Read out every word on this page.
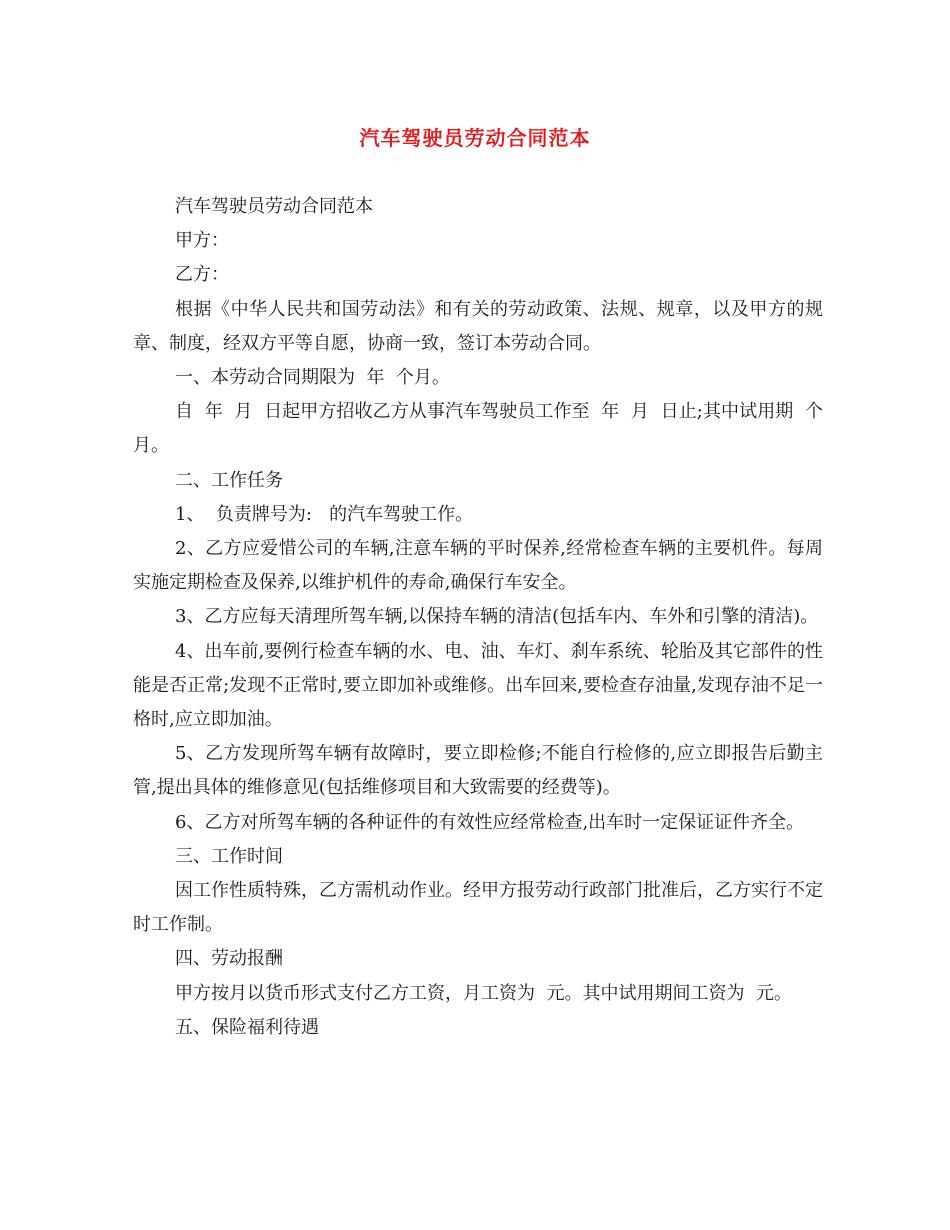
汽车驾驶员劳动合同范本

汽车驾驶员劳动合同范本

甲方：

乙方：

根据《中华人民共和国劳动法》和有关的劳动政策、法规、规章，以及甲方的规章、制度，经双方平等自愿，协商一致，签订本劳动合同。

一、本劳动合同期限为  年  个月。

自  年  月  日起甲方招收乙方从事汽车驾驶员工作至  年  月  日止;其中试用期  个月。

二、工作任务

1、  负责牌号为:   的汽车驾驶工作。

2、乙方应爱惜公司的车辆,注意车辆的平时保养,经常检查车辆的主要机件。每周实施定期检查及保养,以维护机件的寿命,确保行车安全。

3、乙方应每天清理所驾车辆,以保持车辆的清洁(包括车内、车外和引擎的清洁)。

4、出车前,要例行检查车辆的水、电、油、车灯、刹车系统、轮胎及其它部件的性能是否正常;发现不正常时,要立即加补或维修。出车回来,要检查存油量,发现存油不足一格时,应立即加油。

5、乙方发现所驾车辆有故障时，要立即检修;不能自行检修的,应立即报告后勤主管,提出具体的维修意见(包括维修项目和大致需要的经费等)。

6、乙方对所驾车辆的各种证件的有效性应经常检查,出车时一定保证证件齐全。

三、工作时间

因工作性质特殊，乙方需机动作业。经甲方报劳动行政部门批准后，乙方实行不定时工作制。

四、劳动报酬

甲方按月以货币形式支付乙方工资，月工资为  元。其中试用期间工资为  元。

五、保险福利待遇
